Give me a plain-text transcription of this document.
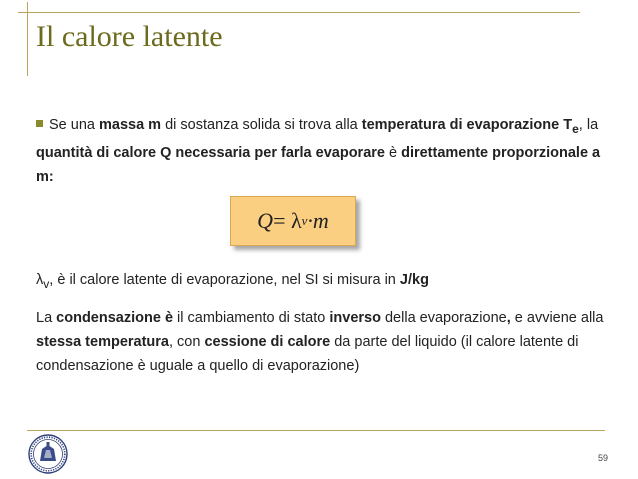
Il calore latente

Se una massa m di sostanza solida si trova alla temperatura di evaporazione $T_e$, la quantità di calore Q necessaria per farla evaporare è direttamente proporzionale a m:

Q = λ v ·m

$\lambda_v$, è il calore latente di evaporazione, nel SI si misura in J/kg

La condensazione è il cambiamento di stato inverso della evaporazione, e avviene alla stessa temperatura, con cessione di calore da parte del liquido (il calore latente di condensazione è uguale a quello di evaporazione)

59
